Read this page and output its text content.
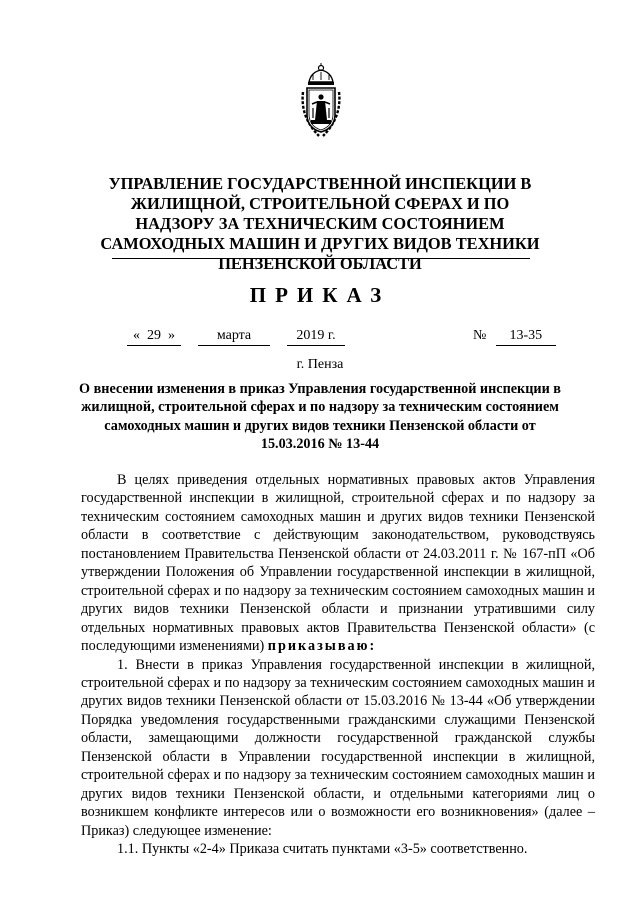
УПРАВЛЕНИЕ ГОСУДАРСТВЕННОЙ ИНСПЕКЦИИ В ЖИЛИЩНОЙ, СТРОИТЕЛЬНОЙ СФЕРАХ И ПО НАДЗОРУ ЗА ТЕХНИЧЕСКИМ СОСТОЯНИЕМ САМОХОДНЫХ МАШИН И ДРУГИХ ВИДОВ ТЕХНИКИ ПЕНЗЕНСКОЙ ОБЛАСТИ
ПРИКАЗ
« 29 »	марта	2019 г.	№ 13-35
г. Пенза
О внесении изменения в приказ Управления государственной инспекции в жилищной, строительной сферах и по надзору за техническим состоянием самоходных машин и других видов техники Пензенской области от 15.03.2016 № 13-44

В целях приведения отдельных нормативных правовых актов Управления государственной инспекции в жилищной, строительной сферах и по надзору за техническим состоянием самоходных машин и других видов техники Пензенской области в соответствие с действующим законодательством, руководствуясь постановлением Правительства Пензенской области от 24.03.2011 г. № 167-пП «Об утверждении Положения об Управлении государственной инспекции в жилищной, строительной сферах и по надзору за техническим состоянием самоходных машин и других видов техники Пензенской области и признании утратившими силу отдельных нормативных правовых актов Правительства Пензенской области» (с последующими изменениями) приказываю:

1. Внести в приказ Управления государственной инспекции в жилищной, строительной сферах и по надзору за техническим состоянием самоходных машин и других видов техники Пензенской области от 15.03.2016 № 13-44 «Об утверждении Порядка уведомления государственными гражданскими служащими Пензенской области, замещающими должности государственной гражданской службы Пензенской области в Управлении государственной инспекции в жилищной, строительной сферах и по надзору за техническим состоянием самоходных машин и других видов техники Пензенской области, и отдельными категориями лиц о возникшем конфликте интересов или о возможности его возникновения» (далее – Приказ) следующее изменение:

1.1. Пункты «2-4» Приказа считать пунктами «3-5» соответственно.
